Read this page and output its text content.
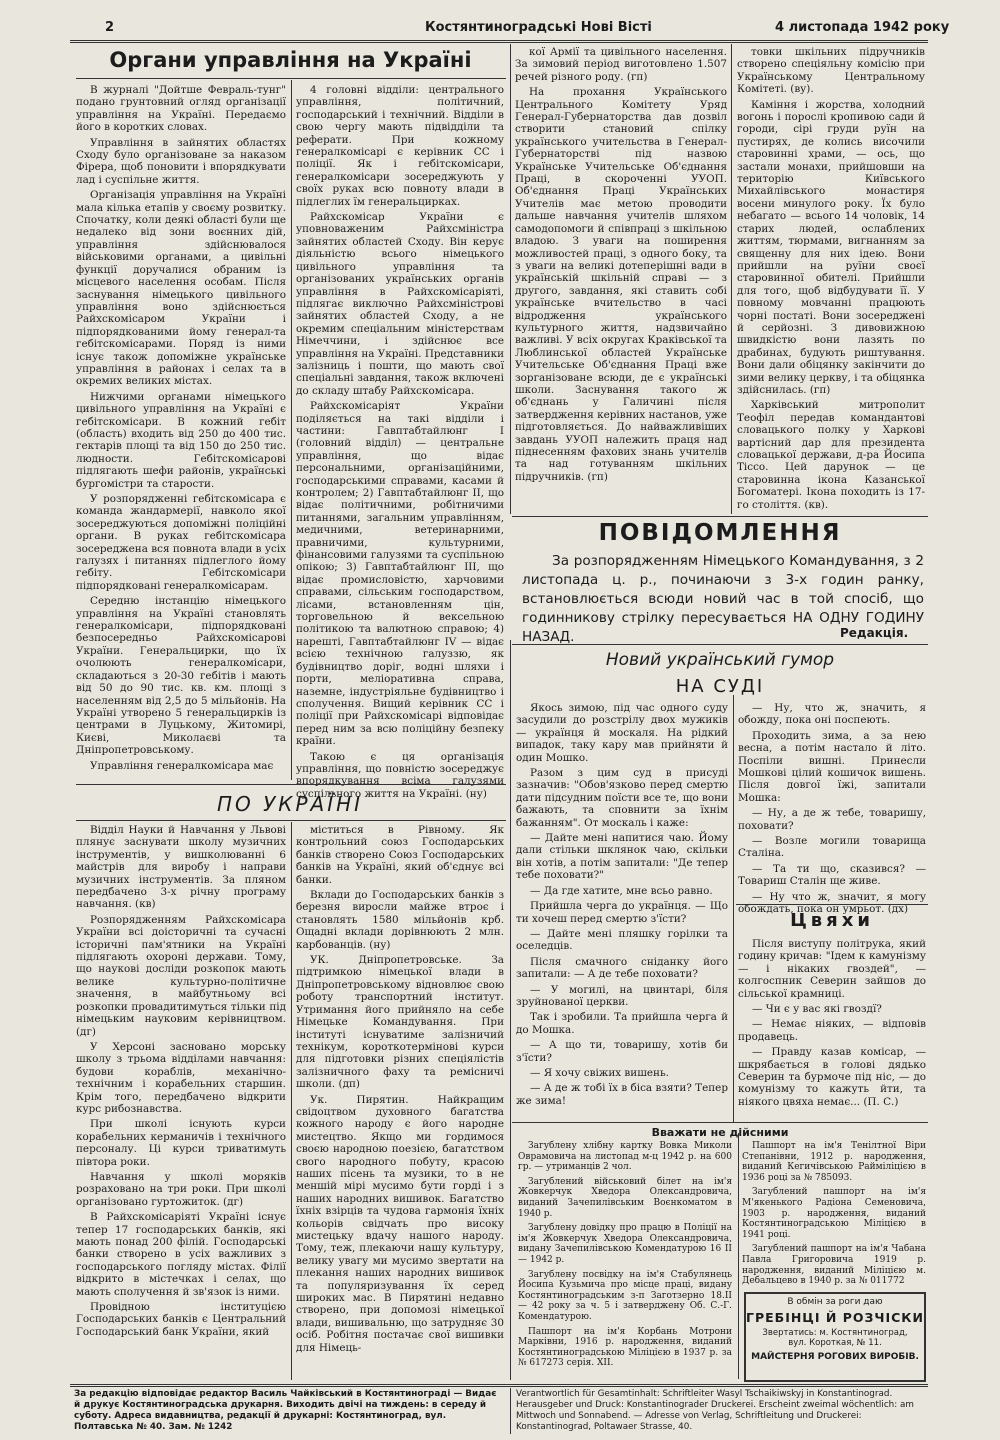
2	Костянтиноградські Нові Вісті	4 листопада 1942 року
Органи управління на Україні

В журналі "Дойтше Февраль-тунг" подано грунтовний огляд організації управління на Україні. Передаємо його в коротких словах.

Управління в зайнятих областях Сходу було організоване за наказом Фірера, щоб поновити і впорядкувати лад і суспільне життя.

Організація управління на Україні мала кілька етапів у своєму розвитку. Спочатку, коли деякі області були ще недалеко від зони воєнних дій, управління здійснювалося військовими органами, а цивільні функції доручалися обраним із місцевого населення особам. Після заснування німецького цивільного управління воно здійснюється Райхскомісаром України і підпорядкованими йому генерал-та гебітскомісарами. Поряд із ними існує також допоміжне українське управління в районах і селах та в окремих великих містах.

Нижчими органами німецького цивільного управління на Україні є гебітскомісари. В кожний гебіт (область) входить від 250 до 400 тис. гектарів площі та від 150 до 250 тис. людности. Гебітскомісарові підлягають шефи районів, українські бургомістри та старости.

У розпорядженні гебітскомісара є команда жандармерії, навколо якої зосереджуються допоміжні поліційні органи. В руках гебітскомісара зосереджена вся повнота влади в усіх галузях і питаннях підлеглого йому гебіту. Гебітскомісари підпорядковані генералкомісарам.

Середню інстанцію німецького управління на Україні становлять генералкомісари, підпорядковані безпосередньо Райхскомісарові України. Генеральцирки, що їх очолюють генералкомісари, складаються з 20-30 гебітів і мають від 50 до 90 тис. кв. км. площі з населенням від 2,5 до 5 мільйонів. На Україні утворено 5 генеральцирків із центрами в Луцькому, Житомирі, Києві, Миколаєві та Дніпропетровському.

Управління генералкомісара має

4 головні відділи: центрального управління, політичний, господарський і технічний. Відділи в свою чергу мають підвідділи та реферати. При кожному генералкомісарі є керівник СС і поліції. Як і гебітскомісари, генералкомісари зосереджують у своїх руках всю повноту влади в підлеглих їм генеральцирках.

Райхскомісар України є уповноваженим Райхсміністра зайнятих областей Сходу. Він керує діяльністю всього німецького цивільного управління та організованих українських органів управління в Райхскомісаріяті, підлягає виключно Райхсміністрові зайнятих областей Сходу, а не окремим спеціальним міністерствам Німеччини, і здійснює все управління на Україні. Представники залізниць і пошти, що мають свої спеціальні завдання, також включені до складу штабу Райхскомісара.

Райхскомісаріят України поділяється на такі відділи і частини: Гавптабтайлюнг I (головний відділ) — центральне управління, що відає персональними, організаційними, господарськими справами, касами й контролем; 2) Гавптабтайлюнг II, що відає політичними, робітничими питаннями, загальним управлінням, медичними, ветеринарними, правничими, культурними, фінансовими галузями та суспільною опікою; 3) Гавптабтайлюнг III, що відає промисловістю, харчовими справами, сільським господарством, лісами, встановленням цін, торговельною й вексельною політикою та валютною справою; 4) нарешті, Гавптабтайлюнг IV — відає всією технічною галуззю, як будівництво доріг, водні шляхи і порти, меліоративна справа, наземне, індустріяльне будівництво і сполучення. Вищий керівник СС і поліції при Райхскомісарі відповідає перед ним за всю поліційну безпеку країни.

Такою є ця організація управління, що повністю зосереджує впорядкування всіма галузями суспільного життя на Україні. (ну)

ПО УКРАЇНІ

Відділ Науки й Навчання у Львові плянує заснувати школу музичних інструментів, у вишколюванні 6 майстрів для виробу і направи музичних інструментів. За пляном передбачено 3-х річну програму навчання. (кв)

Розпорядженням Райхскомісара України всі доісторичні та сучасні історичні пам'ятники на Україні підлягають охороні держави. Тому, що наукові досліди розкопок мають велике культурно-політичне значення, в майбутньому всі розкопки провадитимуться тільки під німецьким науковим керівництвом. (дг)

У Херсоні засновано морську школу з трьома відділами навчання: будови кораблів, механічно-технічним і корабельних старшин. Крім того, передбачено відкрити курс рибознавства.

При школі існують курси корабельних керманичів і технічного персоналу. Ці курси триватимуть півтора роки.

Навчання у школі моряків розраховано на три роки. При школі організовано гуртожиток. (дг)

В Райхскомісаріяті Україні існує тепер 17 господарських банків, які мають понад 200 філій. Господарські банки створено в усіх важливих з господарського погляду містах. Філії відкрито в містечках і селах, що мають сполучення й зв'язок із ними.

Провідною інституцією Господарських банків є Центральний Господарський банк України, який

міститься в Рівному. Як контрольний союз Господарських банків створено Союз Господарських банків на Україні, який об'єднує всі банки.

Вклади до Господарських банків з березня виросли майже втроє і становлять 1580 мільйонів крб. Ощадні вклади дорівнюють 2 млн. карбованців. (ну)

УК. Дніпропетровське. За підтримкою німецької влади в Дніпропетровському відновлює свою роботу транспортний інститут. Утримання його прийняло на себе Німецьке Командування. При інституті існуватиме залізничий технікум, короткотермінові курси для підготовки різних спеціялістів залізничного фаху та ремісничі школи. (дп)

Ук. Пирятин. Найкращим свідоцтвом духовного багатства кожного народу є його народне мистецтво. Якщо ми гордимося своєю народною поезією, багатством свого народного побуту, красою наших пісень та музики, то в не меншій мірі мусимо бути горді і з наших народних вишивок. Багатство їхніх взірців та чудова гармонія їхніх кольорів свідчать про високу мистецьку вдачу нашого народу. Тому, теж, плекаючи нашу культуру, велику увагу ми мусимо звертати на плекання наших народних вишивок та популяризування їх серед широких мас. В Пирятині недавно створено, при допомозі німецької влади, вишивальню, що затрудняє 30 осіб. Робітня постачає свої вишивки для Німець-

кої Армії та цивільного населення. За зимовий період виготовлено 1.507 речей різного роду. (гп)

На прохання Українського Центрального Комітету Уряд Генерал-Губернаторства дав дозвіл створити становий спілку українського учительства в Генерал-Губернаторстві під назвою Українське Учительське Об'єднання Праці, в скороченні УУОП. Об'єднання Праці Українських Учителів має метою проводити дальше навчання учителів шляхом самодопомоги й співпраці з шкільною владою. З уваги на поширення можливостей праці, з одного боку, та з уваги на великі дотеперішні вади в українській шкільній справі — з другого, завдання, які ставить собі українське вчительство в часі відродження українського культурного життя, надзвичайно важливі. У всіх округах Краківської та Люблинської областей Українське Учительське Об'єднання Праці вже зорганізоване всюди, де є українські школи. Заснування такого ж об'єднань у Галичині після затвердження керівних настанов, уже підготовляється. До найважливіших завдань УУОП належить праця над піднесенням фахових знань учителів та над готуванням шкільних підручників. (гп)

товки шкільних підручників створено спеціяльну комісію при Українському Центральному Комітеті. (ву).

Каміння і жорства, холодний вогонь і порослі кропивою сади й городи, сірі груди руїн на пустирях, де колись височили старовинні храми, — ось, що застали монахи, прийшовши на територію Київського Михайлівського монастиря восени минулого року. Їх було небагато — всього 14 чоловік, 14 старих людей, ослаблених життям, тюрмами, вигнанням за священну для них ідею. Вони прийшли на руїни своєї старовинної обителі. Прийшли для того, щоб відбудувати її. У повному мовчанні працюють чорні постаті. Вони зосереджені й серйозні. З дивовижною швидкістю вони лазять по драбинах, будують риштування. Вони дали обіцянку закінчити до зими велику церкву, і та обіцянка здійснилась. (гп)

Харківський митрополит Теофіл передав командантові словацького полку у Харкові вартісний дар для президента словацької держави, д-ра Йосипа Тіссо. Цей дарунок — це старовинна ікона Казанської Богоматері. Ікона походить із 17-го століття. (кв).

ПОВІДОМЛЕННЯ

За розпорядженням Німецького Командування, з 2 листопада ц. р., починаючи з 3-х годин ранку, встановлюється всюди новий час в той спосіб, що годинникову стрілку пересувається НА ОДНУ ГОДИНУ НАЗАД.	Редакція.
Новий український гумор
НА СУДІ

Якось зимою, під час одного суду засудили до розстрілу двох мужиків — українця й москаля. На рідкий випадок, таку кару мав прийняти й один Мошко.

Разом з цим суд в присуді зазначив: "Обов'язково перед смертю дати підсудним поїсти все те, що вони бажають, та сповнити за їхнім бажанням". От москаль і каже:

— Дайте мені напитися чаю. Йому дали стільки шклянок чаю, скільки він хотів, а потім запитали: "Де тепер тебе поховати?"

— Да где хатите, мне всьо равно.

Прийшла черга до українця. — Що ти хочеш перед смертю з'їсти?

— Дайте мені пляшку горілки та оселедців.

Після смачного сніданку його запитали: — А де тебе поховати?

— У могилі, на цвинтарі, біля зруйнованої церкви.

Так і зробили. Та прийшла черга й до Мошка.

— А що ти, товаришу, хотів би з'їсти?

— Я хочу свіжих вишень.

— А де ж тобі їх в біса взяти? Тепер же зима!

— Ну, что ж, значить, я обожду, пока оні поспеють.

Проходить зима, а за нею весна, а потім настало й літо. Поспіли вишні. Принесли Мошкові цілий кошичок вишень. Після довгої їжі, запитали Мошка:

— Ну, а де ж тебе, товаришу, поховати?

— Возле могили товарища Сталіна.

— Та ти що, сказився? — Товариш Сталін ще живе.

— Ну что ж, значит, я могу обождать, пока он умрьот. (дх)

Цвяхи

Після виступу політрука, який годину кричав: "Ідем к камунізму — і нікаких гвоздей", — колгоспник Северин зайшов до сільської крамниці.

— Чи є у вас які гвоздї?

— Немає ніяких, — відповів продавець.

— Правду казав комісар, — шкрябається в голові дядько Северин та бурмоче під ніс, — до комунізму то кажуть йти, та ніякого цвяха немає... (П. С.)

Вважати не дійсними

Загублену хлібну картку Вовка Миколи Оврамовича на листопад м-ц 1942 р. на 600 гр. — утриманців 2 чол.

Загублений військовий білет на ім'я Жовкерчук Хведора Олександровича, виданий Зачепилівським Воєнкоматом в 1940 р.

Загублену довідку про працю в Поліції на ім'я Жовкерчук Хведора Олександровича, видану Зачепилівською Комендатурою 16 II — 1942 р.

Загублену посвідку на ім'я Стабулянець Йосипа Кузьмича про місце праці, видану Костянтиноградським з-п Заготзерно 18.II — 42 року за ч. 5 і затверджену Об. С.-Г. Комендатурою.

Пашпорт на ім'я Корбань Мотрони Марківни, 1916 р. народження, виданий Костянтиноградською Міліцією в 1937 р. за № 617273 серія. XII.

Пашпорт на ім'я Тенілтної Віри Степанівни, 1912 р. народження, виданий Кегичівською Райміліцією в 1936 році за № 785093.

Загублений пашпорт на ім'я М'якенького Радіона Семеновича, 1903 р. народження, виданий Костянтиноградською Міліцією в 1941 році.

Загублений пашпорт на ім'я Чабана Павла Григоровича 1919 р. народження, виданий Міліцією м. Дебальцево в 1940 р. за № 011772

В обмін за роги даю
ГРЕБІНЦІ Й РОЗЧІСКИ
Звертатись: м. Костянтиноград, вул. Короткая, № 11.
МАЙСТЕРНЯ РОГОВИХ ВИРОБІВ.
За редакцію відповідає редактор Василь Чайківський в Костянтинограді — Видає й друкує Костянтиноградська друкарня. Виходить двічі на тиждень: в середу й суботу. Адреса видавництва, редакції й друкарні: Костянтиноград, вул. Полтавська № 40. Зам. № 1242
Verantwortlich für Gesamtinhalt: Schriftleiter Wasyl Tschaikiwskyj in Konstantinograd. Herausgeber und Druck: Konstantinograder Druckerei. Erscheint zweimal wöchentlich: am Mittwoch und Sonnabend. — Adresse von Verlag, Schriftleitung und Druckerei: Konstantinograd, Poltawaer Strasse, 40.
